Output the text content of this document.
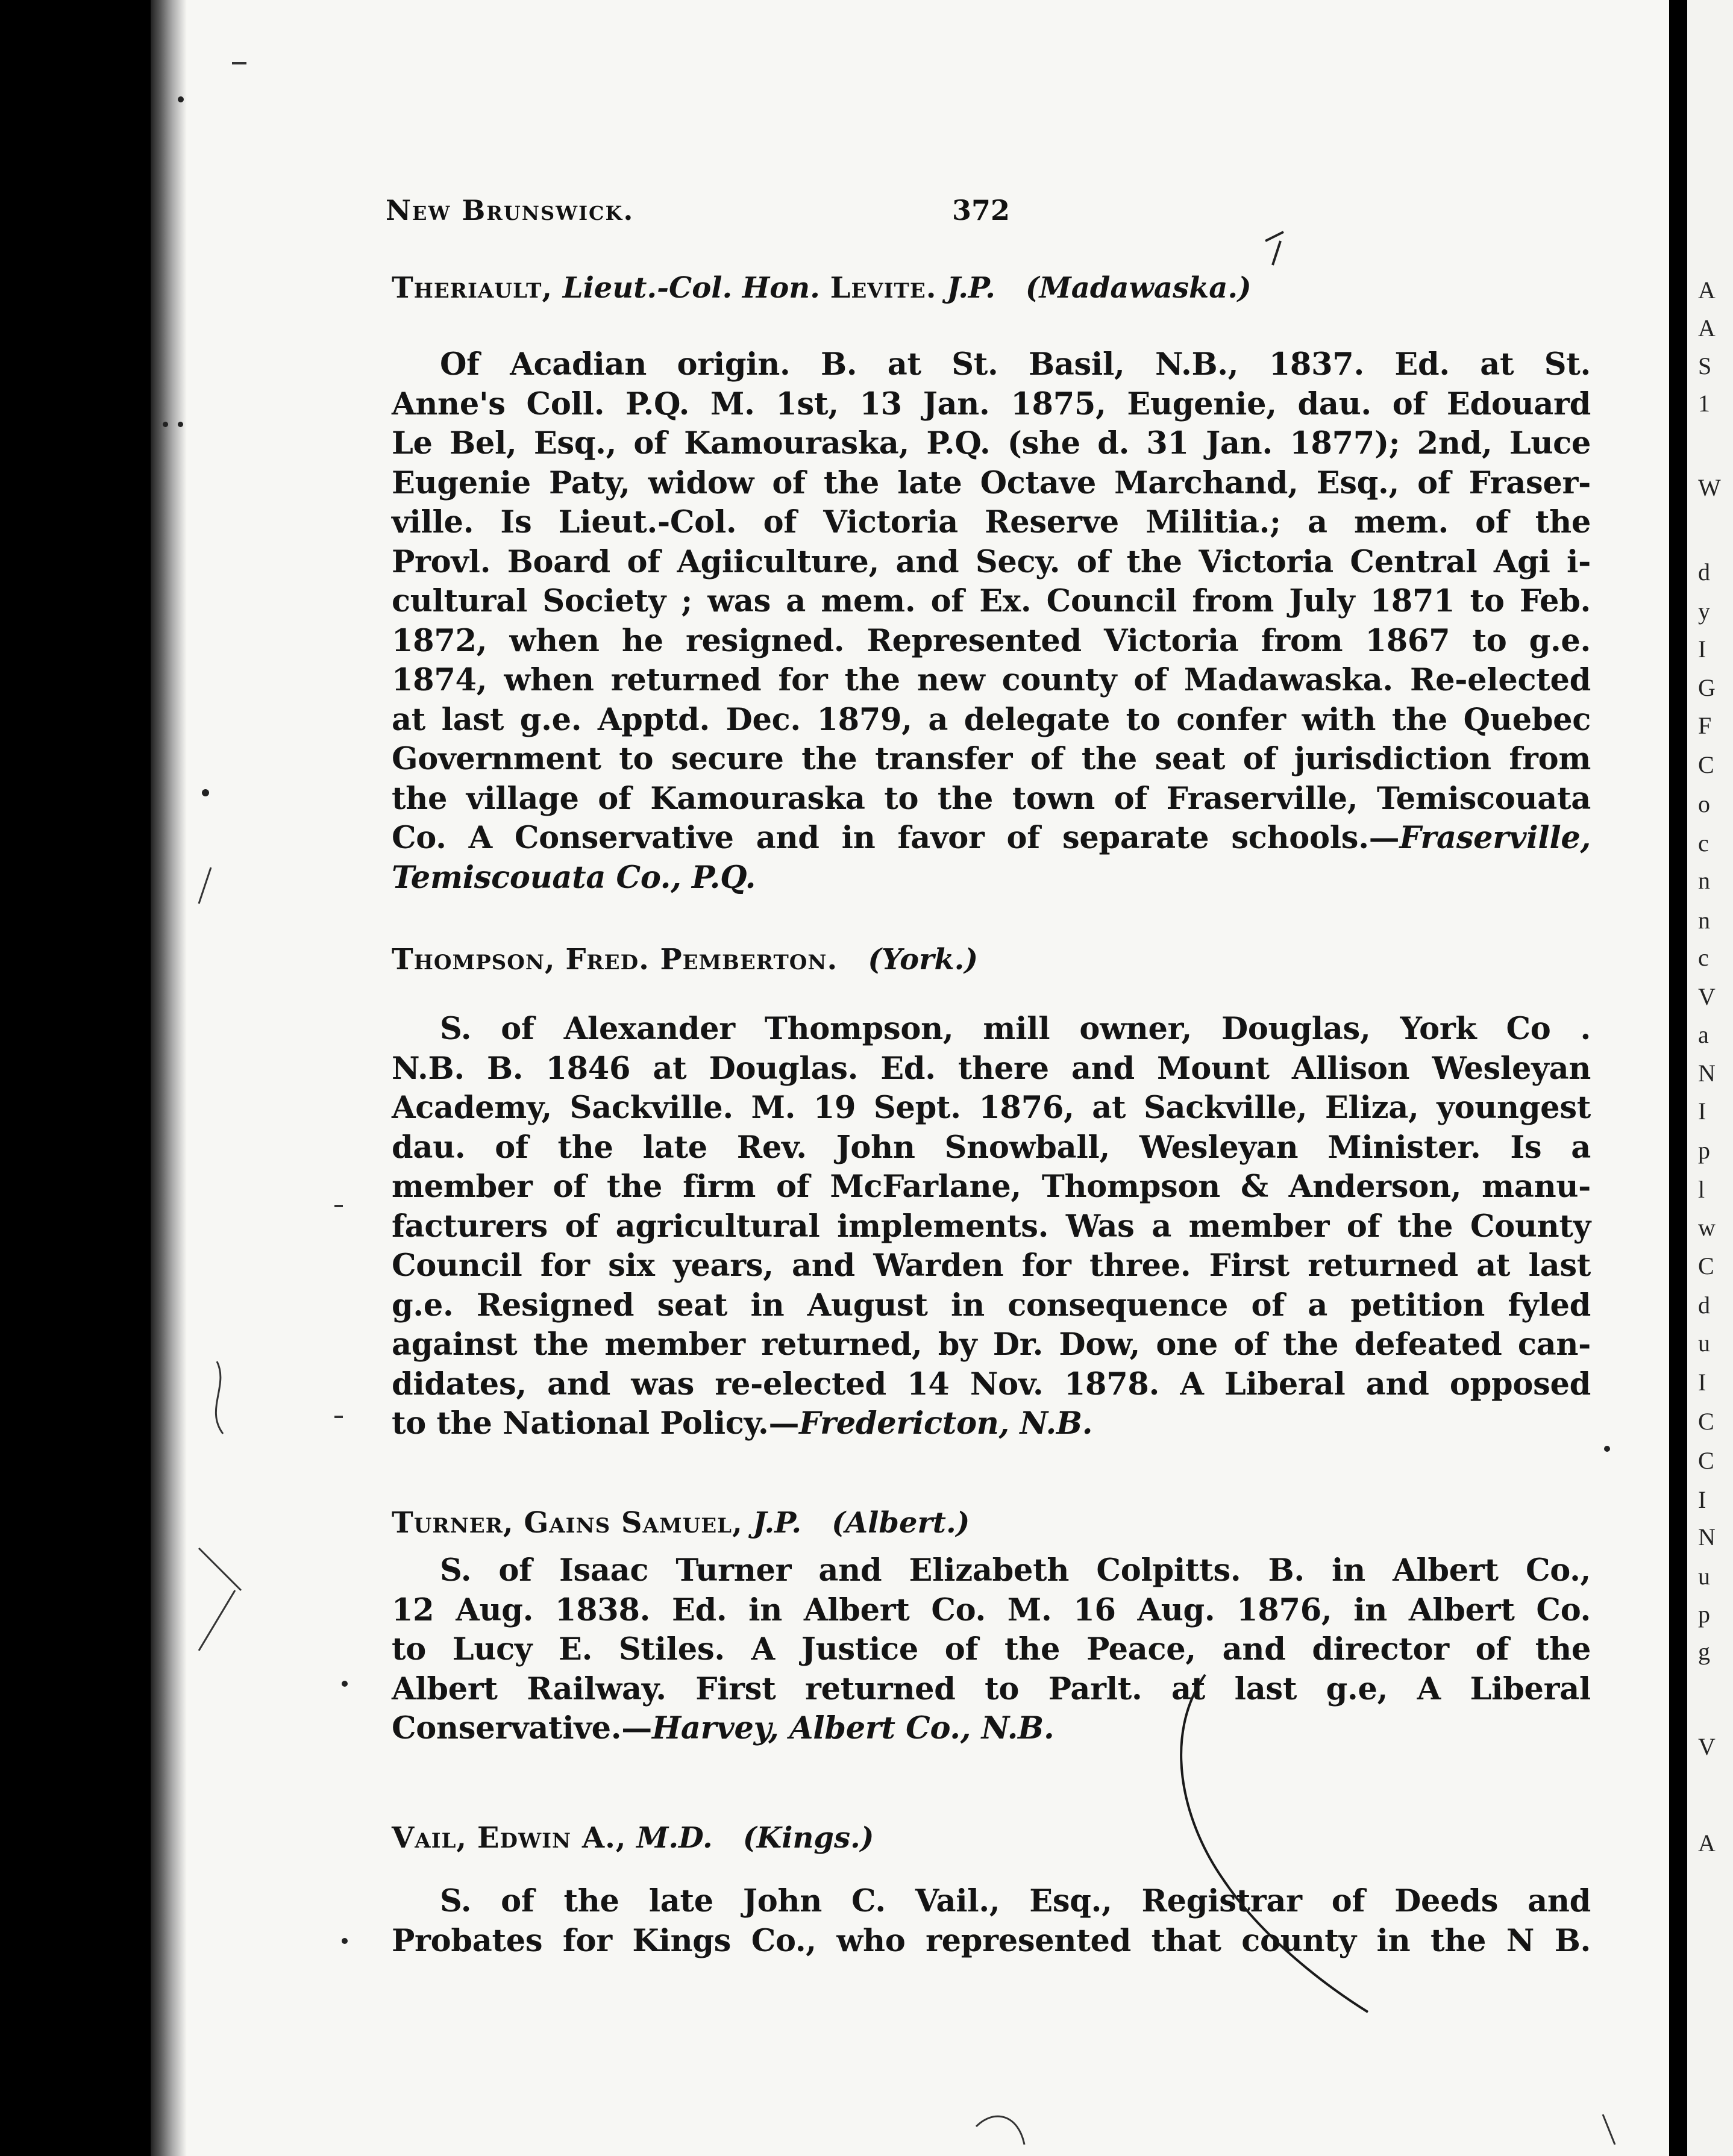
A
A
S
1
W
d
y
I
G
F
C
o
c
n
n
c
V
a
N
I
p
l
w
C
d
u
I
C
C
I
N
u
p
g
V
A
New Brunswick.	372
Theriault, Lieut.-Col. Hon. Levite. J.P. (Madawaska.)
Of Acadian origin. B. at St. Basil, N.B., 1837. Ed. at St.
Anne's Coll. P.Q. M. 1st, 13 Jan. 1875, Eugenie, dau. of Edouard
Le Bel, Esq., of Kamouraska, P.Q. (she d. 31 Jan. 1877); 2nd, Luce
Eugenie Paty, widow of the late Octave Marchand, Esq., of Fraser-
ville. Is Lieut.-Col. of Victoria Reserve Militia.; a mem. of the
Provl. Board of Agiiculture, and Secy. of the Victoria Central Agi i-
cultural Society ; was a mem. of Ex. Council from July 1871 to Feb.
1872, when he resigned. Represented Victoria from 1867 to g.e.
1874, when returned for the new county of Madawaska. Re-elected
at last g.e. Apptd. Dec. 1879, a delegate to confer with the Quebec
Government to secure the transfer of the seat of jurisdiction from
the village of Kamouraska to the town of Fraserville, Temiscouata
Co. A Conservative and in favor of separate schools.—Fraserville,
Temiscouata Co., P.Q.
Thompson, Fred. Pemberton. (York.)
S. of Alexander Thompson, mill owner, Douglas, York Co .
N.B. B. 1846 at Douglas. Ed. there and Mount Allison Wesleyan
Academy, Sackville. M. 19 Sept. 1876, at Sackville, Eliza, youngest
dau. of the late Rev. John Snowball, Wesleyan Minister. Is a
member of the firm of McFarlane, Thompson & Anderson, manu-
facturers of agricultural implements. Was a member of the County
Council for six years, and Warden for three. First returned at last
g.e. Resigned seat in August in consequence of a petition fyled
against the member returned, by Dr. Dow, one of the defeated can-
didates, and was re-elected 14 Nov. 1878. A Liberal and opposed
to the National Policy.—Fredericton, N.B.
Turner, Gains Samuel, J.P. (Albert.)
S. of Isaac Turner and Elizabeth Colpitts. B. in Albert Co.,
12 Aug. 1838. Ed. in Albert Co. M. 16 Aug. 1876, in Albert Co.
to Lucy E. Stiles. A Justice of the Peace, and director of the
Albert Railway. First returned to Parlt. at last g.e, A Liberal
Conservative.—Harvey, Albert Co., N.B.
Vail, Edwin A., M.D. (Kings.)
S. of the late John C. Vail., Esq., Registrar of Deeds and
Probates for Kings Co., who represented that county in the N B.
